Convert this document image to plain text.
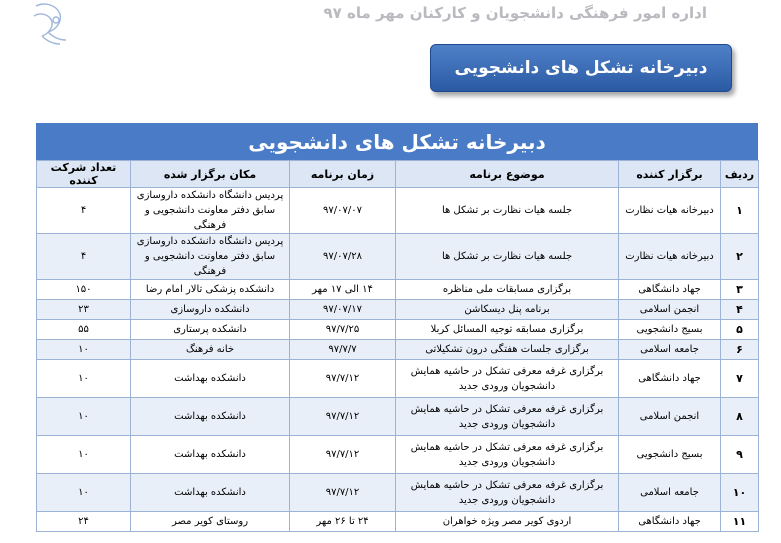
اداره امور فرهنگی دانشجویان و کارکنان مهر ماه ۹۷
دبیرخانه تشکل های دانشجویی
دبیرخانه تشکل های دانشجویی
ردیف	برگزار کننده	موضوع برنامه	زمان برنامه	مکان برگزار شده	تعداد شرکت کننده
۱	دبیرخانه هیات نظارت	جلسه هیات نظارت بر تشکل ها	۹۷/۰۷/۰۷	پردیس دانشگاه دانشکده داروسازی سابق دفتر معاونت دانشجویی و فرهنگی	۴
۲	دبیرخانه هیات نظارت	جلسه هیات نظارت بر تشکل ها	۹۷/۰۷/۲۸	پردیس دانشگاه دانشکده داروسازی سابق دفتر معاونت دانشجویی و فرهنگی	۴
۳	جهاد دانشگاهی	برگزاری مسابقات ملی مناظره	۱۴ الی ۱۷ مهر	دانشکده پزشکی تالار امام رضا	۱۵۰
۴	انجمن اسلامی	برنامه پنل دیسکاشن	۹۷/۰۷/۱۷	دانشکده داروسازی	۲۳
۵	بسیج دانشجویی	برگزاری مسابقه توجیه المسائل کربلا	۹۷/۷/۲۵	دانشکده پرستاری	۵۵
۶	جامعه اسلامی	برگزاری جلسات هفتگی درون تشکیلاتی	۹۷/۷/۷	خانه فرهنگ	۱۰
۷	جهاد دانشگاهی	برگزاری غرفه معرفی تشکل در حاشیه همایش دانشجویان ورودی جدید	۹۷/۷/۱۲	دانشکده بهداشت	۱۰
۸	انجمن اسلامی	برگزاری غرفه معرفی تشکل در حاشیه همایش دانشجویان ورودی جدید	۹۷/۷/۱۲	دانشکده بهداشت	۱۰
۹	بسیج دانشجویی	برگزاری غرفه معرفی تشکل در حاشیه همایش دانشجویان ورودی جدید	۹۷/۷/۱۲	دانشکده بهداشت	۱۰
۱۰	جامعه اسلامی	برگزاری غرفه معرفی تشکل در حاشیه همایش دانشجویان ورودی جدید	۹۷/۷/۱۲	دانشکده بهداشت	۱۰
۱۱	جهاد دانشگاهی	اردوی کویر مصر ویژه خواهران	۲۴ تا ۲۶ مهر	روستای کویر مصر	۲۴
